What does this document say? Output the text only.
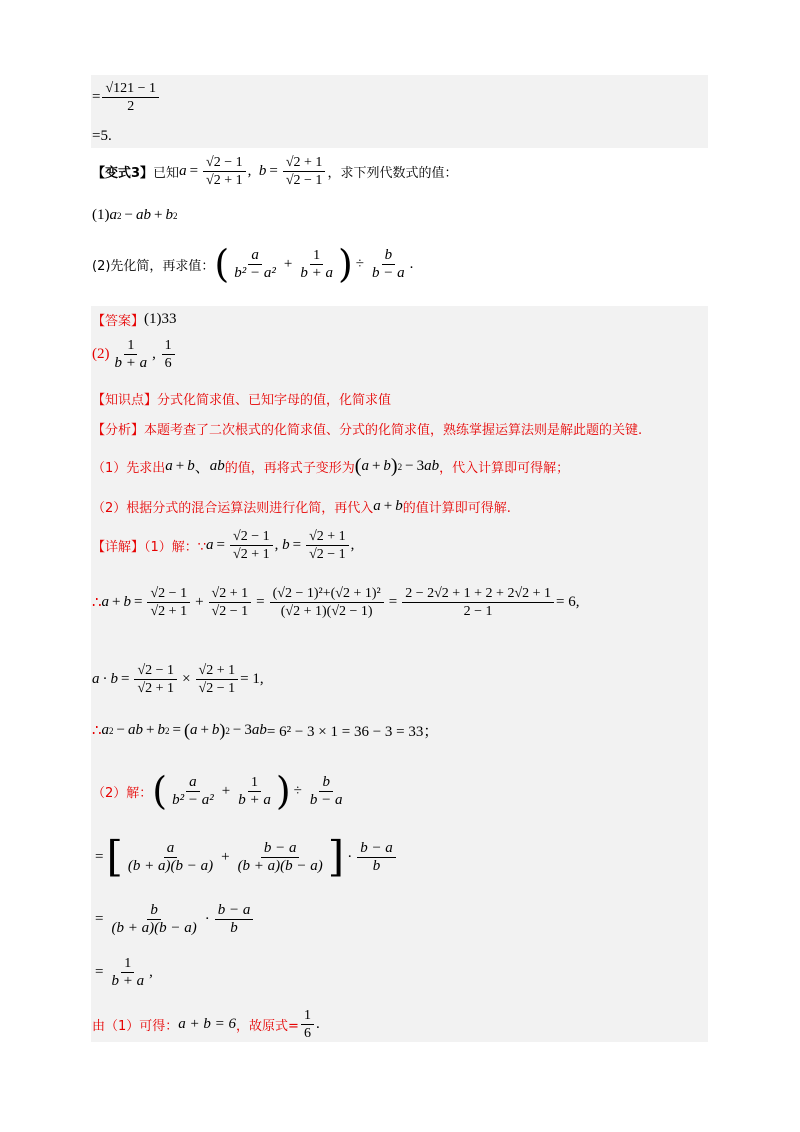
= $\frac{√121 - 1}{2}$
=5.
【变式3】 已知 $a = \frac{√2 - 1}{√2 + 1}$ , $b = \frac{√2 + 1}{√2 - 1}$ ，求下列代数式的值：
(1) a 2 − ab + b 2
(2)先化简，再求值： ( $\frac{a}{\text{b² − a²}} + \frac{1}{b + a}$ ) ÷ $\frac{b}{b - a}$ .
【答案】 (1)33
$(2) \frac{1}{b + a}$ , $\frac{1}{6}$
【知识点】分式化简求值、已知字母的值，化简求值
【分析】本题考查了二次根式的化简求值、分式的化简求值，熟练掌握运算法则是解此题的关键.
（1）先求出 a + b 、 ab 的值，再将式子变形为 ( a + b ) 2 − 3 ab ，代入计算即可得解；
（2）根据分式的混合运算法则进行化简，再代入 a + b 的值计算即可得解.
【详解】（1）解：∵ $a = \frac{√2 - 1}{√2 + 1}$ , $b = \frac{√2 + 1}{√2 - 1}$ ,
∴ $a + b = \frac{√2 - 1}{√2 + 1} + \frac{√2 + 1}{√2 - 1} = \frac{\text{(√2 − 1)²+(√2 + 1)²}}{(√2 + 1)(√2 - 1)} = \frac{2 - 2√2 + 1 + 2 + 2√2 + 1}{2 - 1} = 6$,
$a \cdot b = \frac{√2 - 1}{√2 + 1} \times \frac{√2 + 1}{√2 - 1} = 1$,
∴ a 2 − ab + b 2 = ( a + b ) 2 − 3 ab = 6² − 3 × 1 = 36 − 3 = 33；
（2）解： ( $\frac{a}{\text{b² − a²}} + \frac{1}{b + a}$ ) ÷ $\frac{b}{b - a}$
= [ $\frac{a}{(b + a)(b - a)} + \frac{b - a}{(b + a)(b - a)}$ ] · $\frac{b - a}{b}$
= $\frac{b}{(b + a)(b - a)} \cdot \frac{b - a}{b}$
= $\frac{1}{b + a}$ ,
由（1）可得： a + b = 6 ，故原式= $\frac{1}{6}$ .
